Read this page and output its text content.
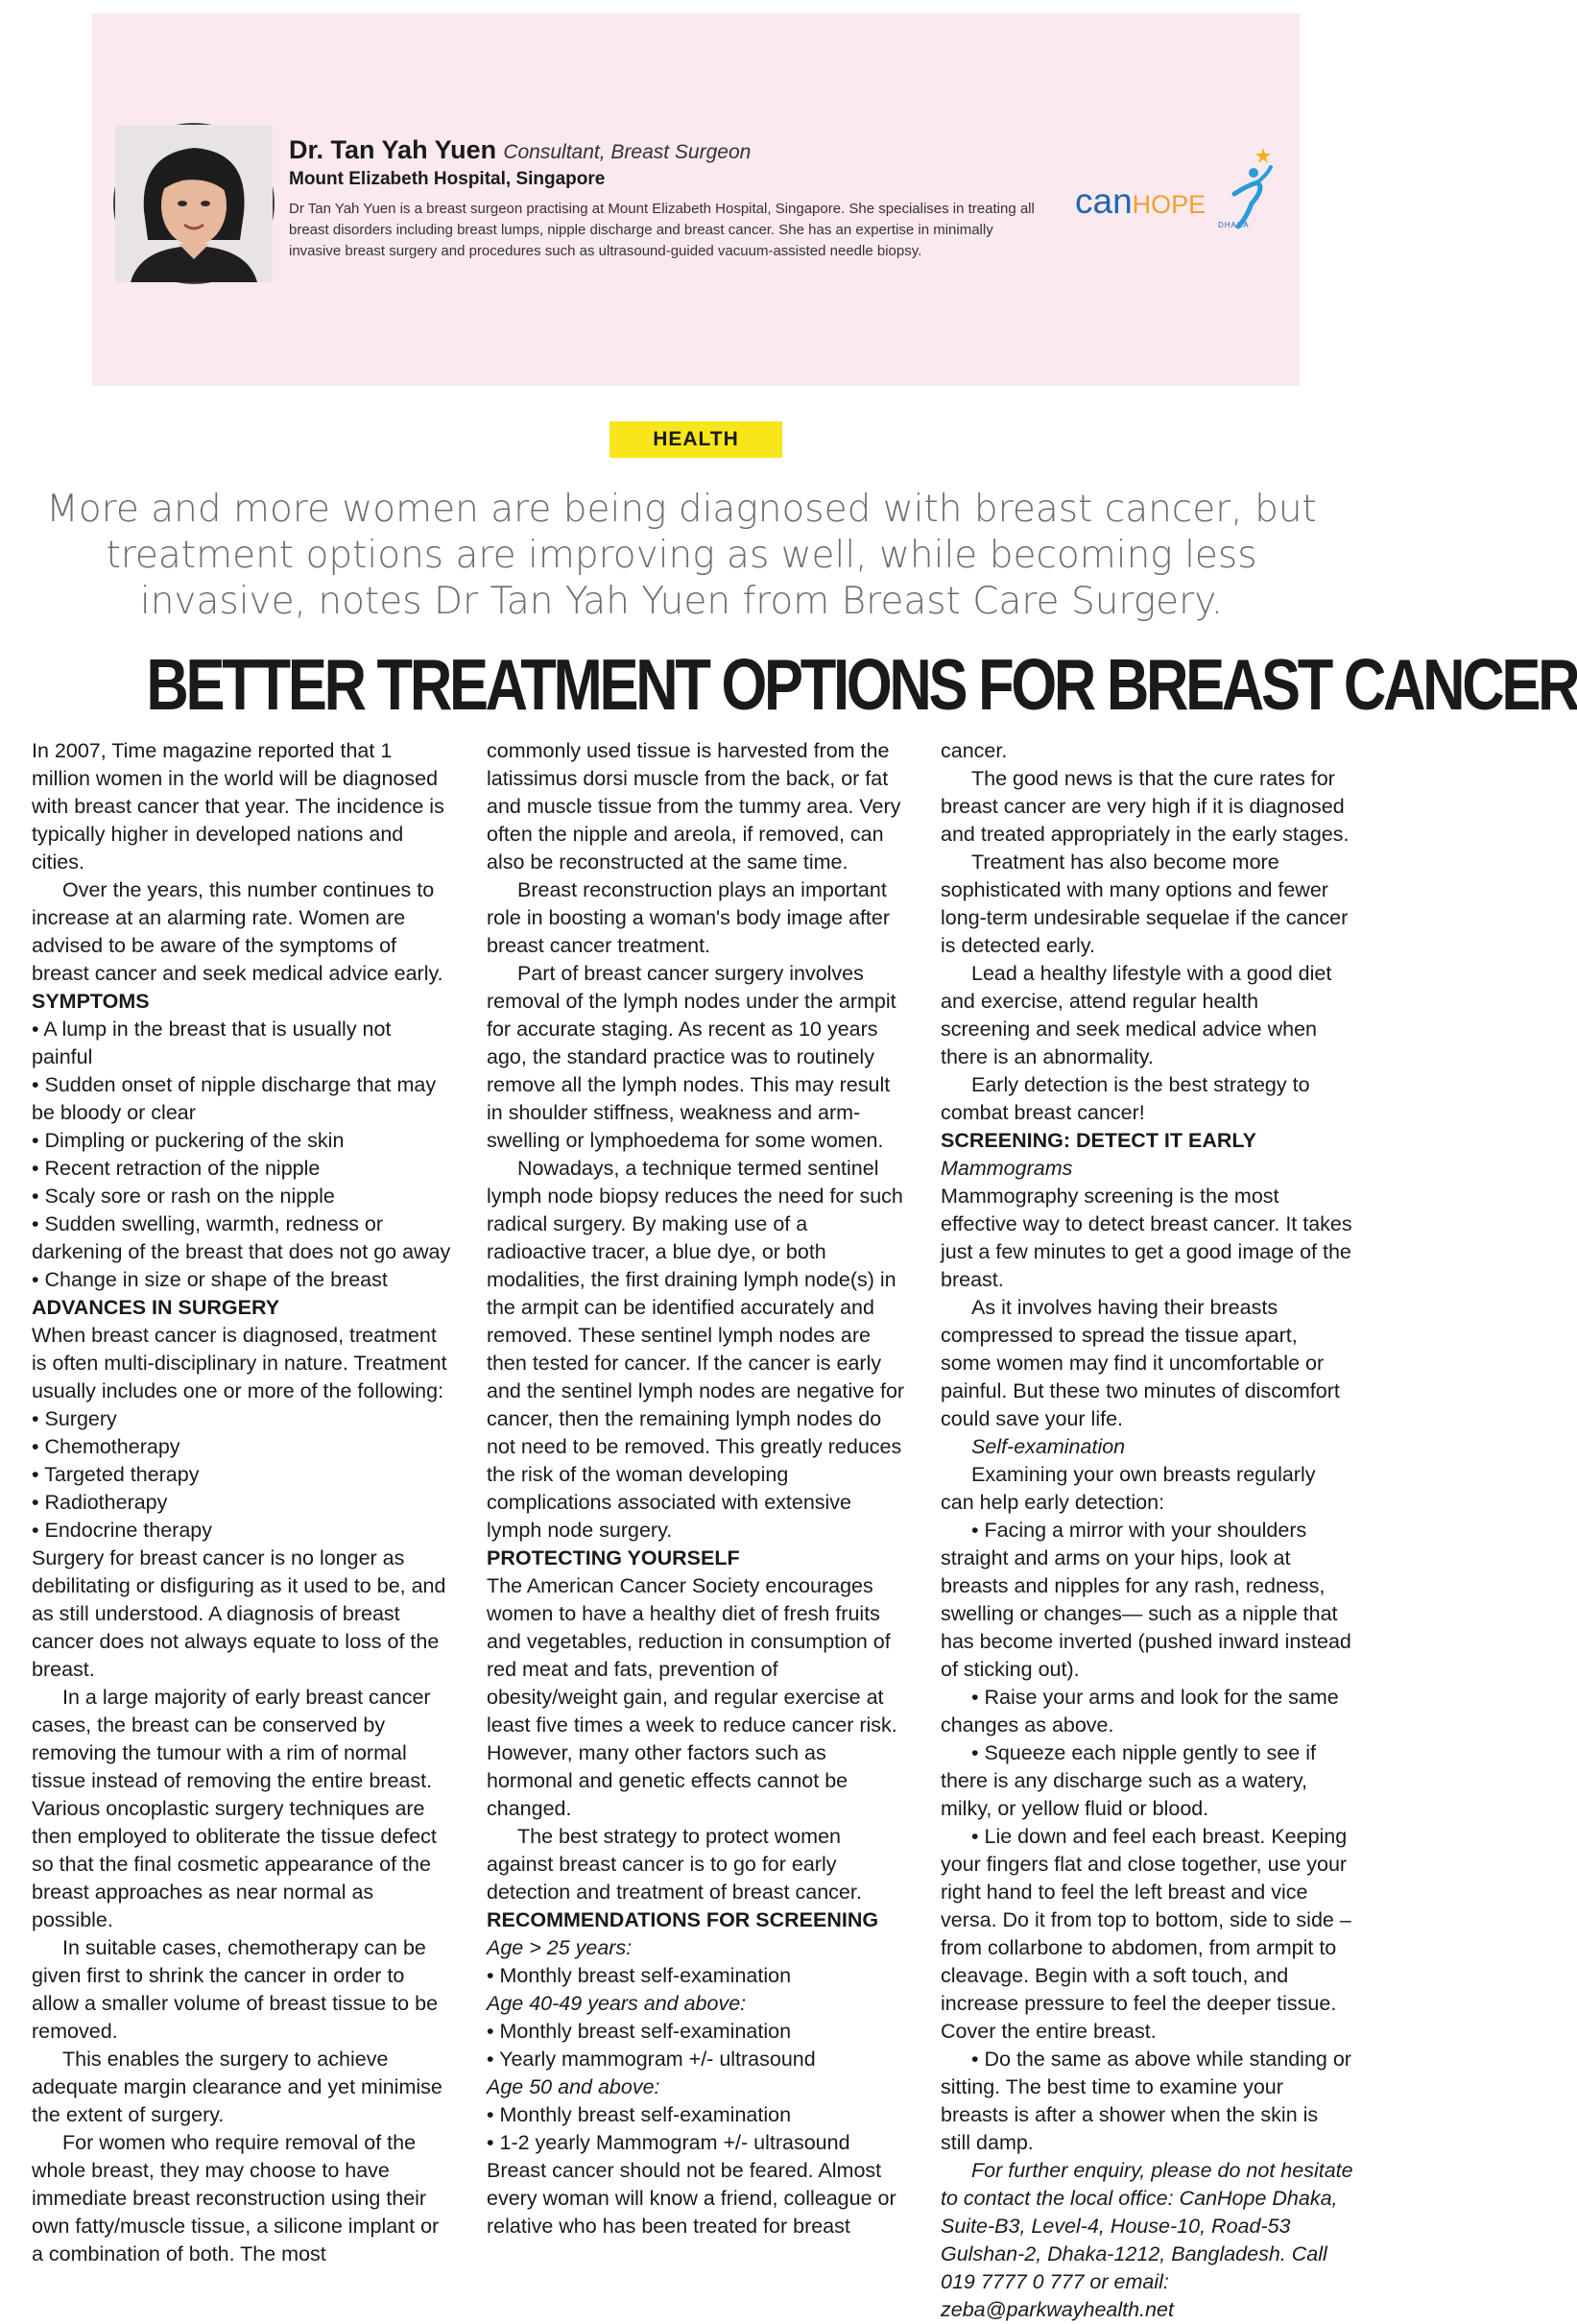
Dr. Tan Yah Yuen Consultant, Breast Surgeon
Mount Elizabeth Hospital, Singapore
Dr Tan Yah Yuen is a breast surgeon practising at Mount Elizabeth Hospital, Singapore. She specialises in treating all breast disorders including breast lumps, nipple discharge and breast cancer. She has an expertise in minimally invasive breast surgery and procedures such as ultrasound-guided vacuum-assisted needle biopsy.
canHOPE
DHAKA
HEALTH
More and more women are being diagnosed with breast cancer, but treatment options are improving as well, while becoming less invasive, notes Dr Tan Yah Yuen from Breast Care Surgery.
BETTER TREATMENT OPTIONS FOR BREAST CANCER

In 2007, Time magazine reported that 1 million women in the world will be diagnosed with breast cancer that year. The incidence is typically higher in developed nations and cities.

Over the years, this number continues to increase at an alarming rate. Women are advised to be aware of the symptoms of breast cancer and seek medical advice early.

SYMPTOMS

• A lump in the breast that is usually not painful

• Sudden onset of nipple discharge that may be bloody or clear

• Dimpling or puckering of the skin

• Recent retraction of the nipple

• Scaly sore or rash on the nipple

• Sudden swelling, warmth, redness or darkening of the breast that does not go away

• Change in size or shape of the breast

ADVANCES IN SURGERY

When breast cancer is diagnosed, treatment is often multi-disciplinary in nature. Treatment usually includes one or more of the following:

• Surgery

• Chemotherapy

• Targeted therapy

• Radiotherapy

• Endocrine therapy

Surgery for breast cancer is no longer as debilitating or disfiguring as it used to be, and as still understood. A diagnosis of breast cancer does not always equate to loss of the breast.

In a large majority of early breast cancer cases, the breast can be conserved by removing the tumour with a rim of normal tissue instead of removing the entire breast. Various oncoplastic surgery techniques are then employed to obliterate the tissue defect so that the final cosmetic appearance of the breast approaches as near normal as possible.

In suitable cases, chemotherapy can be given first to shrink the cancer in order to allow a smaller volume of breast tissue to be removed.

This enables the surgery to achieve adequate margin clearance and yet minimise the extent of surgery.

For women who require removal of the whole breast, they may choose to have immediate breast reconstruction using their own fatty/muscle tissue, a silicone implant or a combination of both. The most

commonly used tissue is harvested from the latissimus dorsi muscle from the back, or fat and muscle tissue from the tummy area. Very often the nipple and areola, if removed, can also be reconstructed at the same time.

Breast reconstruction plays an important role in boosting a woman's body image after breast cancer treatment.

Part of breast cancer surgery involves removal of the lymph nodes under the armpit for accurate staging. As recent as 10 years ago, the standard practice was to routinely remove all the lymph nodes. This may result in shoulder stiffness, weakness and arm-swelling or lymphoedema for some women.

Nowadays, a technique termed sentinel lymph node biopsy reduces the need for such radical surgery. By making use of a radioactive tracer, a blue dye, or both modalities, the first draining lymph node(s) in the armpit can be identified accurately and removed. These sentinel lymph nodes are then tested for cancer. If the cancer is early and the sentinel lymph nodes are negative for cancer, then the remaining lymph nodes do not need to be removed. This greatly reduces the risk of the woman developing complications associated with extensive lymph node surgery.

PROTECTING YOURSELF

The American Cancer Society encourages women to have a healthy diet of fresh fruits and vegetables, reduction in consumption of red meat and fats, prevention of obesity/weight gain, and regular exercise at least five times a week to reduce cancer risk. However, many other factors such as hormonal and genetic effects cannot be changed.

The best strategy to protect women against breast cancer is to go for early detection and treatment of breast cancer.

RECOMMENDATIONS FOR SCREENING

Age > 25 years:

• Monthly breast self-examination

Age 40-49 years and above:

• Monthly breast self-examination

• Yearly mammogram +/- ultrasound

Age 50 and above:

• Monthly breast self-examination

• 1-2 yearly Mammogram +/- ultrasound

Breast cancer should not be feared. Almost every woman will know a friend, colleague or relative who has been treated for breast

cancer.

The good news is that the cure rates for breast cancer are very high if it is diagnosed and treated appropriately in the early stages.

Treatment has also become more sophisticated with many options and fewer long-term undesirable sequelae if the cancer is detected early.

Lead a healthy lifestyle with a good diet and exercise, attend regular health screening and seek medical advice when there is an abnormality.

Early detection is the best strategy to combat breast cancer!

SCREENING: DETECT IT EARLY

Mammograms

Mammography screening is the most effective way to detect breast cancer. It takes just a few minutes to get a good image of the breast.

As it involves having their breasts compressed to spread the tissue apart, some women may find it uncomfortable or painful. But these two minutes of discomfort could save your life.

Self-examination

Examining your own breasts regularly can help early detection:

• Facing a mirror with your shoulders straight and arms on your hips, look at breasts and nipples for any rash, redness, swelling or changes— such as a nipple that has become inverted (pushed inward instead of sticking out).

• Raise your arms and look for the same changes as above.

• Squeeze each nipple gently to see if there is any discharge such as a watery, milky, or yellow fluid or blood.

• Lie down and feel each breast. Keeping your fingers flat and close together, use your right hand to feel the left breast and vice versa. Do it from top to bottom, side to side – from collarbone to abdomen, from armpit to cleavage. Begin with a soft touch, and increase pressure to feel the deeper tissue. Cover the entire breast.

• Do the same as above while standing or sitting. The best time to examine your breasts is after a shower when the skin is still damp.

For further enquiry, please do not hesitate to contact the local office: CanHope Dhaka, Suite-B3, Level-4, House-10, Road-53 Gulshan-2, Dhaka-1212, Bangladesh. Call 019 7777 0 777 or email: zeba@parkwayhealth.net
